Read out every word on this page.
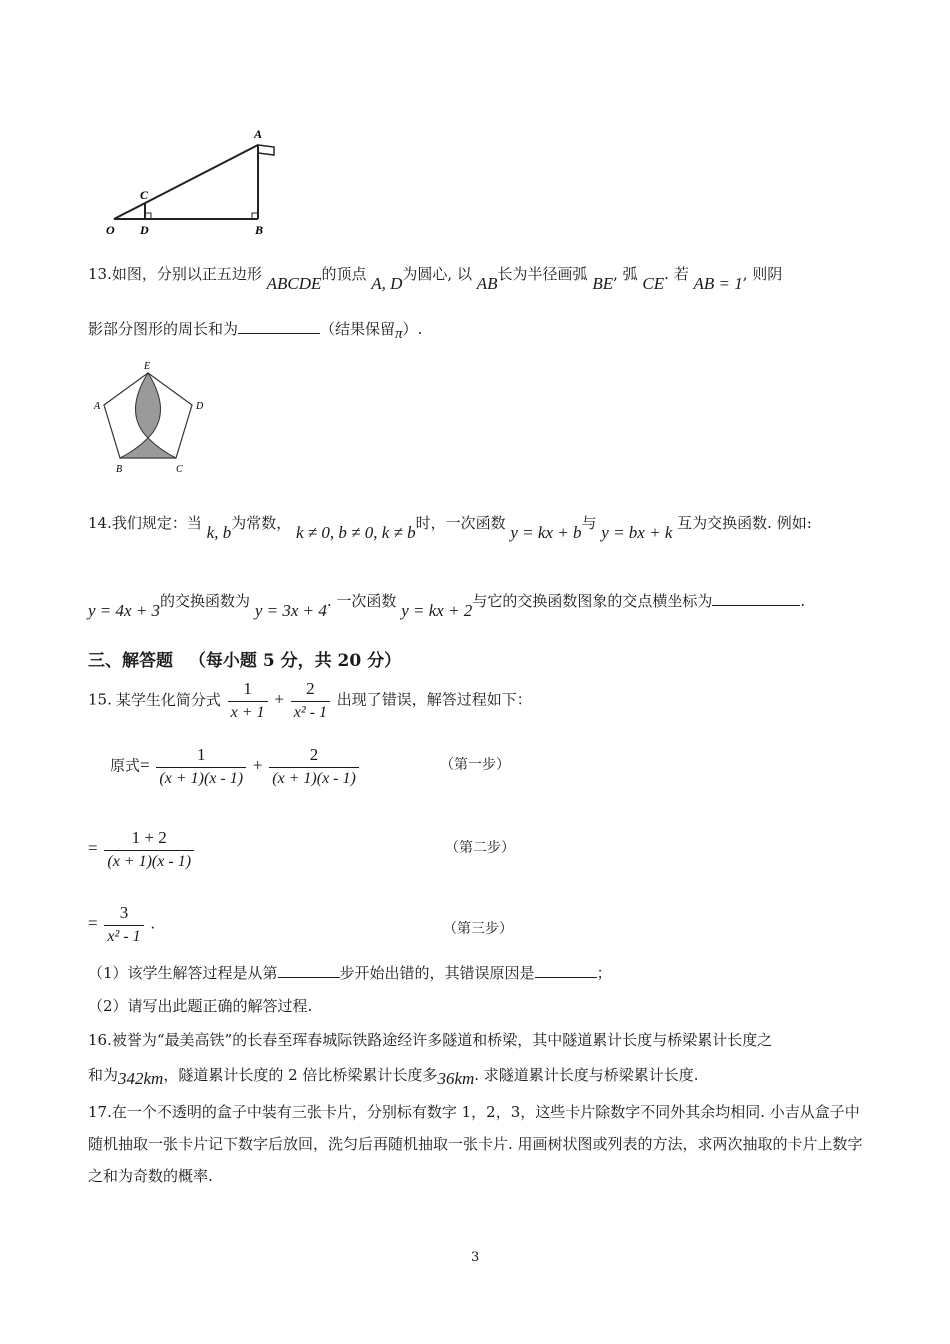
A
C
O D	B
13.如图，分别以正五边形 ABCDE的顶点 A, D为圆心, 以 AB长为半径画弧 BE, 弧 CE. 若 AB = 1, 则阴
影部分图形的周长和为	（结果保留π）.
E
A	D
B	C
14.我们规定：当 k, b为常数， k ≠ 0, b ≠ 0, k ≠ b时，一次函数 y = kx + b与 y = bx + k 互为交换函数. 例如:
y = 4x + 3的交换函数为 y = 3x + 4. 一次函数 y = kx + 2与它的交换函数图象的交点横坐标为	.
三、解答题 （每小题 5 分，共 20 分）
15. 某学生化简分式 $\frac{1}{x + 1} + \frac{2}{\text{x² - 1}}$ 出现了错误，解答过程如下：
原式= $\frac{1}{(x + 1)(x - 1)} + \frac{2}{(x + 1)(x - 1)}$	（第一步）
= $\frac{1 + 2}{(x + 1)(x - 1)}$	（第二步）
= $\frac{3}{\text{x² - 1}}$ .	（第三步）
（1）该学生解答过程是从第	步开始出错的，其错误原因是	；
（2）请写出此题正确的解答过程.
16.被誉为“最美高铁”的长春至珲春城际铁路途经许多隧道和桥梁，其中隧道累计长度与桥梁累计长度之
和为342km，隧道累计长度的 2 倍比桥梁累计长度多36km. 求隧道累计长度与桥梁累计长度.
17.在一个不透明的盒子中装有三张卡片，分别标有数字 1，2，3，这些卡片除数字不同外其余均相同. 小吉从盒子中随机抽取一张卡片记下数字后放回，洗匀后再随机抽取一张卡片. 用画树状图或列表的方法，求两次抽取的卡片上数字之和为奇数的概率.
3
